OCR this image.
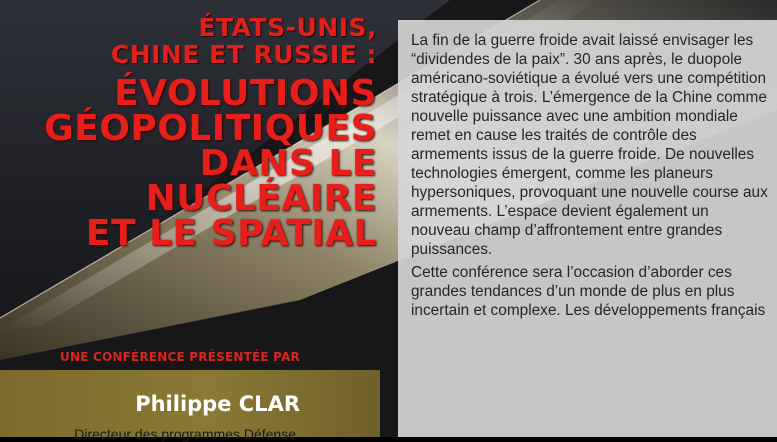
ÉTATS-UNIS,
CHINE ET RUSSIE :
ÉVOLUTIONS
GÉOPOLITIQUES
DANS LE
NUCLÉAIRE
ET LE SPATIAL
UNE CONFÉRENCE PRÉSENTÉE PAR
Philippe CLAR
Directeur des programmes Défense

La fin de la guerre froide avait laissé envisager les “dividendes de la paix”. 30 ans après, le duopole américano-soviétique a évolué vers une compétition stratégique à trois. L’émergence de la Chine comme nouvelle puissance avec une ambition mondiale remet en cause les traités de contrôle des armements issus de la guerre froide. De nouvelles technologies émergent, comme les planeurs hypersoniques, provoquant une nouvelle course aux armements. L’espace devient également un nouveau champ d’affrontement entre grandes puissances.

Cette conférence sera l’occasion d’aborder ces grandes tendances d’un monde de plus en plus incertain et complexe. Les développements français
